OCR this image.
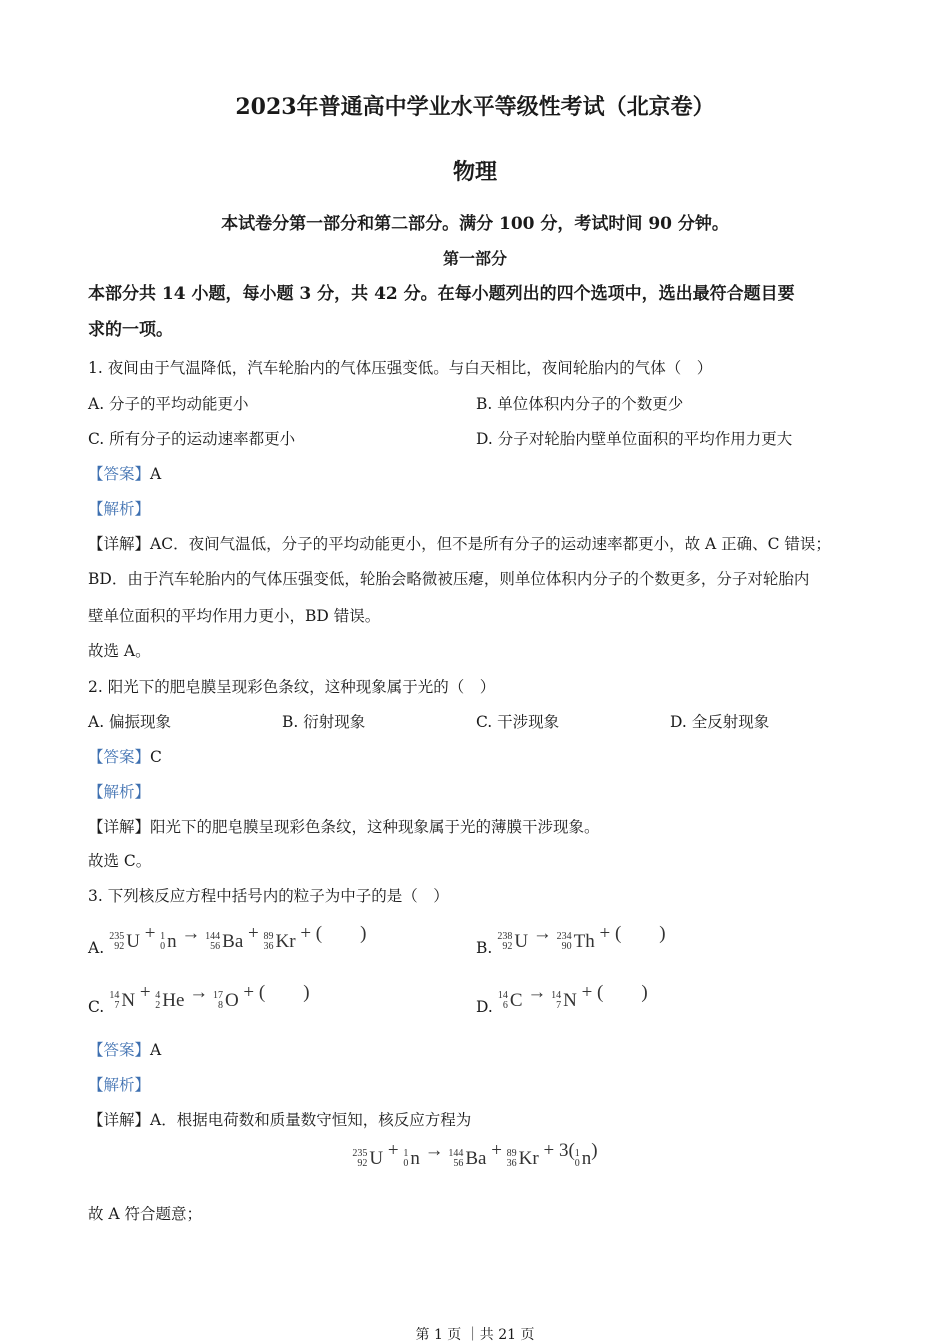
2023年普通高中学业水平等级性考试（北京卷）
物理
本试卷分第一部分和第二部分。满分 100 分，考试时间 90 分钟。
第一部分
本部分共 14 小题，每小题 3 分，共 42 分。在每小题列出的四个选项中，选出最符合题目要
求的一项。
1. 夜间由于气温降低，汽车轮胎内的气体压强变低。与白天相比，夜间轮胎内的气体（　）
A. 分子的平均动能更小	B. 单位体积内分子的个数更少
C. 所有分子的运动速率都更小	D. 分子对轮胎内壁单位面积的平均作用力更大
【答案】A
【解析】
【详解】AC．夜间气温低，分子的平均动能更小，但不是所有分子的运动速率都更小，故 A 正确、C 错误；
BD．由于汽车轮胎内的气体压强变低，轮胎会略微被压瘪，则单位体积内分子的个数更多，分子对轮胎内
壁单位面积的平均作用力更小，BD 错误。
故选 A。
2. 阳光下的肥皂膜呈现彩色条纹，这种现象属于光的（　）
A. 偏振现象	B. 衍射现象	C. 干涉现象	D. 全反射现象
【答案】C
【解析】
【详解】阳光下的肥皂膜呈现彩色条纹，这种现象属于光的薄膜干涉现象。
故选 C。
3. 下列核反应方程中括号内的粒子为中子的是（　）
A.
235
92 U + 1
0 n → 144
56 Ba + 89
36 Kr + (　　)
B.
238
92 U → 234
90 Th + (　　)
C.
14
7 N + 4
2 He → 17
8 O + (　　)
D.
14
6 C → 14
7 N + (　　)
【答案】A
【解析】
【详解】A．根据电荷数和质量数守恒知，核反应方程为
235
92 U + 1
0 n → 144
56 Ba + 89
36 Kr + 3( 1
0 n )
故 A 符合题意；
第 1 页 ｜共 21 页
